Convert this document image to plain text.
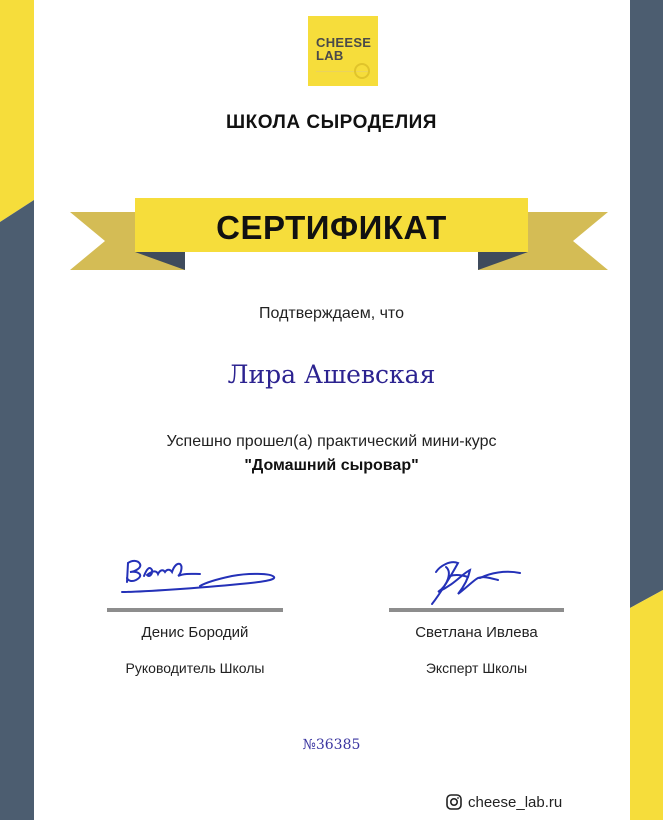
CHEESE
LAB
ШКОЛА СЫРОДЕЛИЯ
СЕРТИФИКАТ
Подтверждаем, что
Лира Ашевская
Успешно прошел(а) практический мини-курс
"Домашний сыровар"
Денис Бородий
Руководитель Школы
Светлана Ивлева
Эксперт Школы
№36385
cheese_lab.ru
